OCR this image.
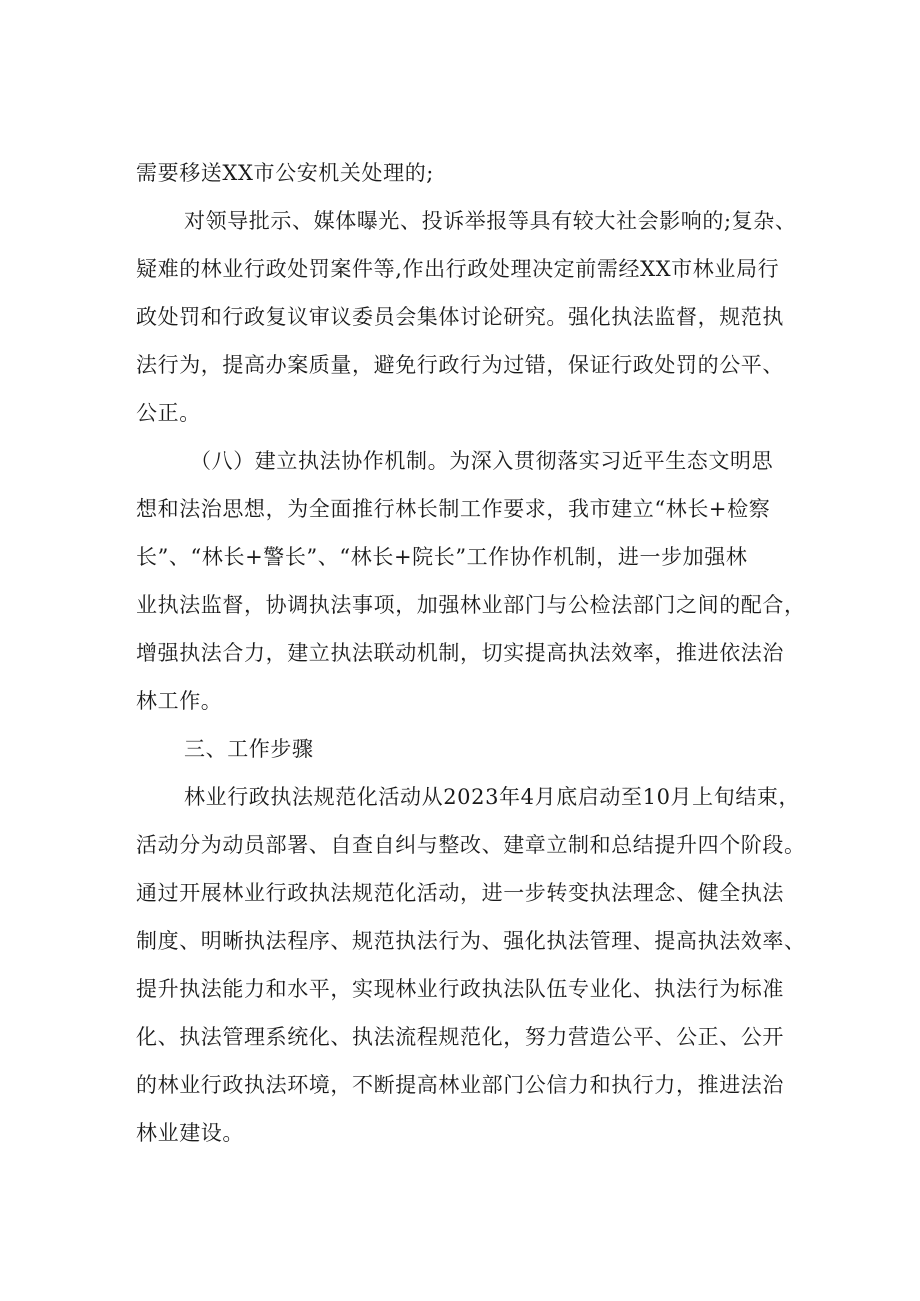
需要移送XX市公安机关处理的;
对领导批示、媒体曝光、投诉举报等具有较大社会影响的;复杂、
疑难的林业行政处罚案件等,作出行政处理决定前需经XX市林业局行
政处罚和行政复议审议委员会集体讨论研究。强化执法监督，规范执
法行为，提高办案质量，避免行政行为过错，保证行政处罚的公平、
公正。
（八）建立执法协作机制。为深入贯彻落实习近平生态文明思
想和法治思想，为全面推行林长制工作要求，我市建立“林长+检察
长”、“林长+警长”、“林长+院长”工作协作机制，进一步加强林
业执法监督，协调执法事项，加强林业部门与公检法部门之间的配合，
增强执法合力，建立执法联动机制，切实提高执法效率，推进依法治
林工作。
三、工作步骤
林业行政执法规范化活动从2023年4月底启动至10月上旬结束，
活动分为动员部署、自查自纠与整改、建章立制和总结提升四个阶段。
通过开展林业行政执法规范化活动，进一步转变执法理念、健全执法
制度、明晰执法程序、规范执法行为、强化执法管理、提高执法效率、
提升执法能力和水平，实现林业行政执法队伍专业化、执法行为标准
化、执法管理系统化、执法流程规范化，努力营造公平、公正、公开
的林业行政执法环境，不断提高林业部门公信力和执行力，推进法治
林业建设。
